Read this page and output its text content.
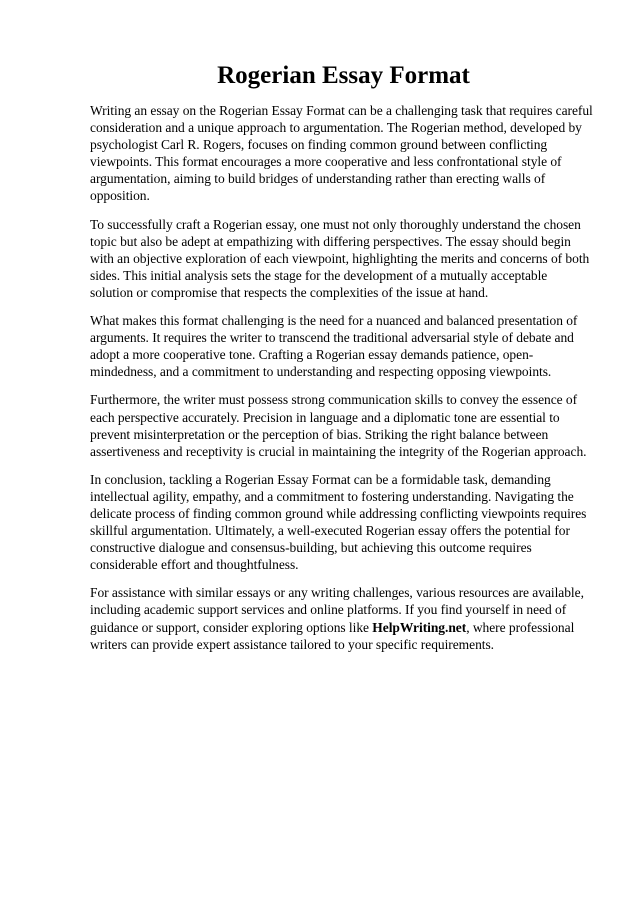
Rogerian Essay Format

Writing an essay on the Rogerian Essay Format can be a challenging task that requires careful consideration and a unique approach to argumentation. The Rogerian method, developed by psychologist Carl R. Rogers, focuses on finding common ground between conflicting viewpoints. This format encourages a more cooperative and less confrontational style of argumentation, aiming to build bridges of understanding rather than erecting walls of opposition.

To successfully craft a Rogerian essay, one must not only thoroughly understand the chosen topic but also be adept at empathizing with differing perspectives. The essay should begin with an objective exploration of each viewpoint, highlighting the merits and concerns of both sides. This initial analysis sets the stage for the development of a mutually acceptable solution or compromise that respects the complexities of the issue at hand.

What makes this format challenging is the need for a nuanced and balanced presentation of arguments. It requires the writer to transcend the traditional adversarial style of debate and adopt a more cooperative tone. Crafting a Rogerian essay demands patience, open-mindedness, and a commitment to understanding and respecting opposing viewpoints.

Furthermore, the writer must possess strong communication skills to convey the essence of each perspective accurately. Precision in language and a diplomatic tone are essential to prevent misinterpretation or the perception of bias. Striking the right balance between assertiveness and receptivity is crucial in maintaining the integrity of the Rogerian approach.

In conclusion, tackling a Rogerian Essay Format can be a formidable task, demanding intellectual agility, empathy, and a commitment to fostering understanding. Navigating the delicate process of finding common ground while addressing conflicting viewpoints requires skillful argumentation. Ultimately, a well-executed Rogerian essay offers the potential for constructive dialogue and consensus-building, but achieving this outcome requires considerable effort and thoughtfulness.

For assistance with similar essays or any writing challenges, various resources are available, including academic support services and online platforms. If you find yourself in need of guidance or support, consider exploring options like HelpWriting.net, where professional writers can provide expert assistance tailored to your specific requirements.
